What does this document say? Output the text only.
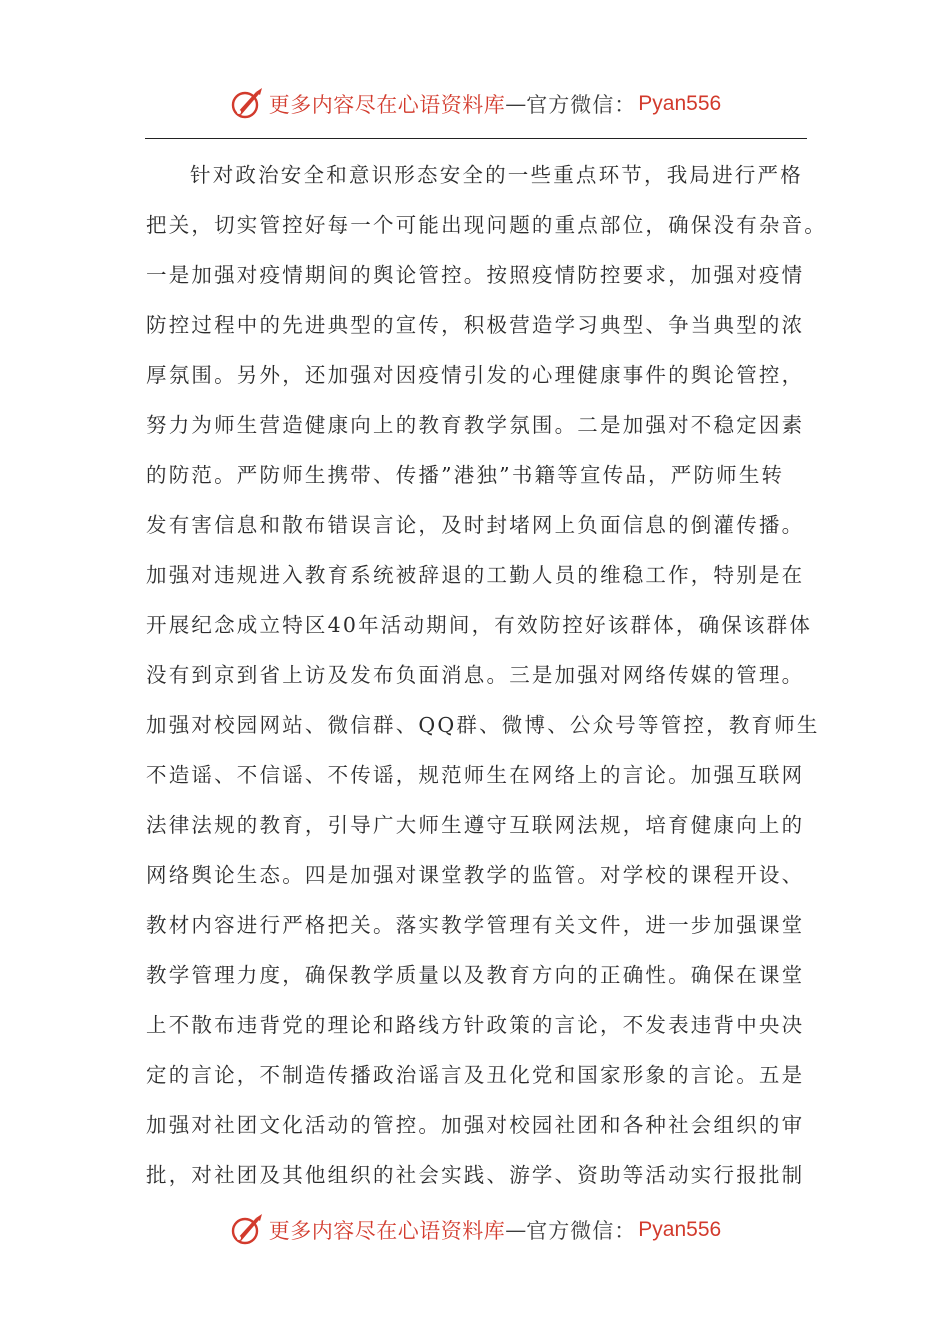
更多内容尽在心语资料库 — 官方微信： Pyan556
针对政治安全和意识形态安全的一些重点环节，我局进行严格
把关，切实管控好每一个可能出现问题的重点部位，确保没有杂音。
一是加强对疫情期间的舆论管控。按照疫情防控要求，加强对疫情
防控过程中的先进典型的宣传，积极营造学习典型、争当典型的浓
厚氛围。另外，还加强对因疫情引发的心理健康事件的舆论管控，
努力为师生营造健康向上的教育教学氛围。二是加强对不稳定因素
的防范。严防师生携带、传播”港独”书籍等宣传品，严防师生转
发有害信息和散布错误言论，及时封堵网上负面信息的倒灌传播。
加强对违规进入教育系统被辞退的工勤人员的维稳工作，特别是在
开展纪念成立特区40年活动期间，有效防控好该群体，确保该群体
没有到京到省上访及发布负面消息。三是加强对网络传媒的管理。
加强对校园网站、微信群、QQ群、微博、公众号等管控，教育师生
不造谣、不信谣、不传谣，规范师生在网络上的言论。加强互联网
法律法规的教育，引导广大师生遵守互联网法规，培育健康向上的
网络舆论生态。四是加强对课堂教学的监管。对学校的课程开设、
教材内容进行严格把关。落实教学管理有关文件，进一步加强课堂
教学管理力度，确保教学质量以及教育方向的正确性。确保在课堂
上不散布违背党的理论和路线方针政策的言论，不发表违背中央决
定的言论，不制造传播政治谣言及丑化党和国家形象的言论。五是
加强对社团文化活动的管控。加强对校园社团和各种社会组织的审
批，对社团及其他组织的社会实践、游学、资助等活动实行报批制
更多内容尽在心语资料库 — 官方微信： Pyan556
